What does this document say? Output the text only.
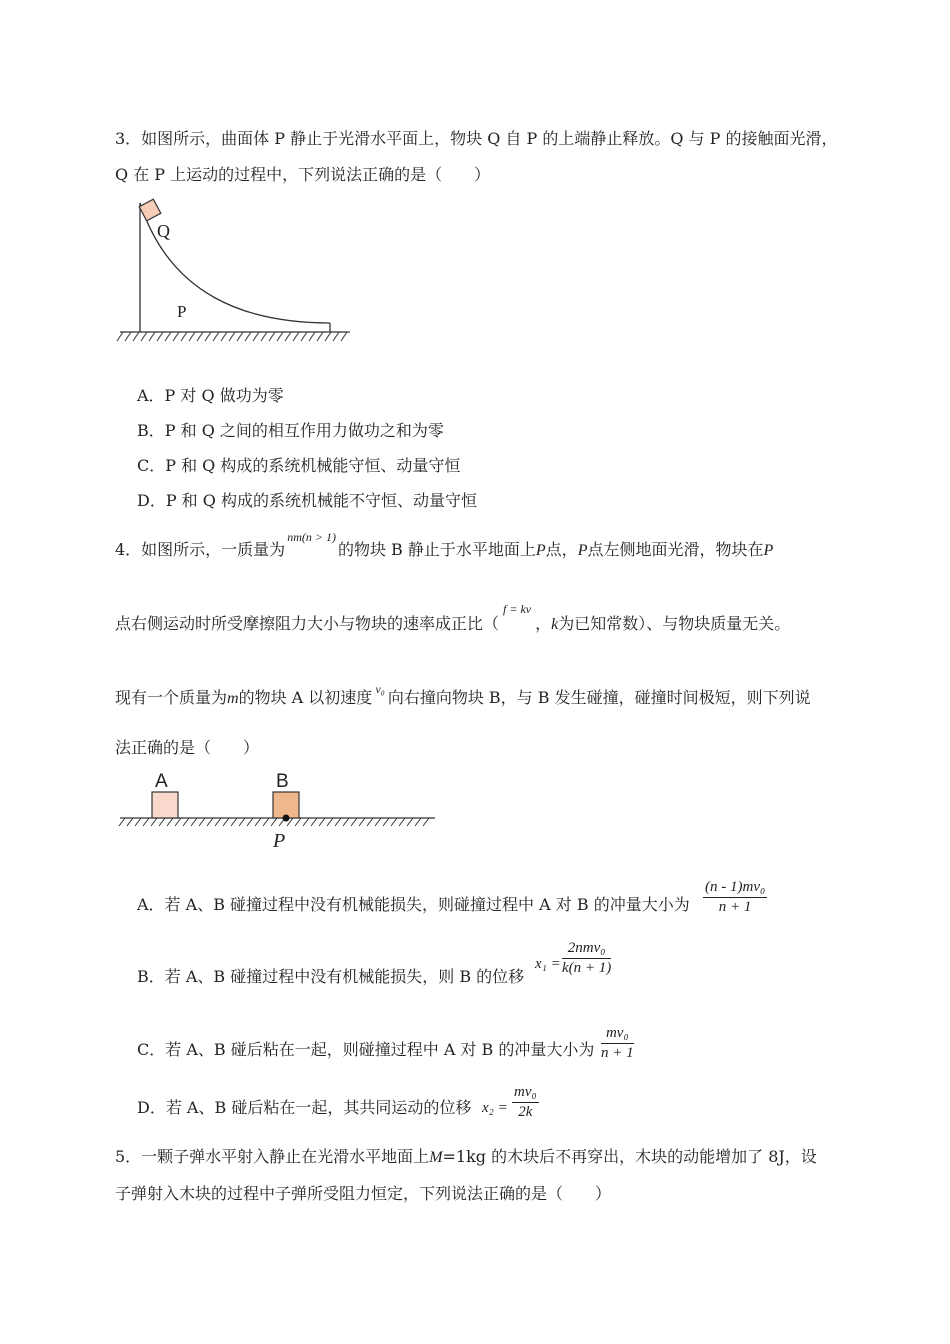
3．如图所示，曲面体 P 静止于光滑水平面上，物块 Q 自 P 的上端静止释放。Q 与 P 的接触面光滑，
Q 在 P 上运动的过程中，下列说法正确的是（　　）
Q
P
A．P 对 Q 做功为零
B．P 和 Q 之间的相互作用力做功之和为零
C．P 和 Q 构成的系统机械能守恒、动量守恒
D．P 和 Q 构成的系统机械能不守恒、动量守恒
4．如图所示，一质量为$^{nm(n > 1)}$的物块 B 静止于水平地面上P点，P点左侧地面光滑，物块在P
点右侧运动时所受摩擦阻力大小与物块的速率成正比（$^{f = kv}$，k为已知常数）、与物块质量无关。
现有一个质量为m的物块 A 以初速度 $^{v_0}$ 向右撞向物块 B，与 B 发生碰撞，碰撞时间极短，则下列说
法正确的是（　　）
A	B
P
A．若 A、B 碰撞过程中没有机械能损失，则碰撞过程中 A 对 B 的冲量大小为 $\frac{\text{(n - 1)mv₀}}{n + 1}$
B．若 A、B 碰撞过程中没有机械能损失，则 B 的位移
x₁ =
2nmv₀
k(n + 1)
C．若 A、B 碰后粘在一起，则碰撞过程中 A 对 B 的冲量大小为 $\frac{\text{mv₀}}{n + 1}$
D．若 A、B 碰后粘在一起，其共同运动的位移 $x_2 = \frac{\text{mv₀}}{2k}$
5．一颗子弹水平射入静止在光滑水平地面上M=1kg 的木块后不再穿出，木块的动能增加了 8J，设
子弹射入木块的过程中子弹所受阻力恒定，下列说法正确的是（　　）
